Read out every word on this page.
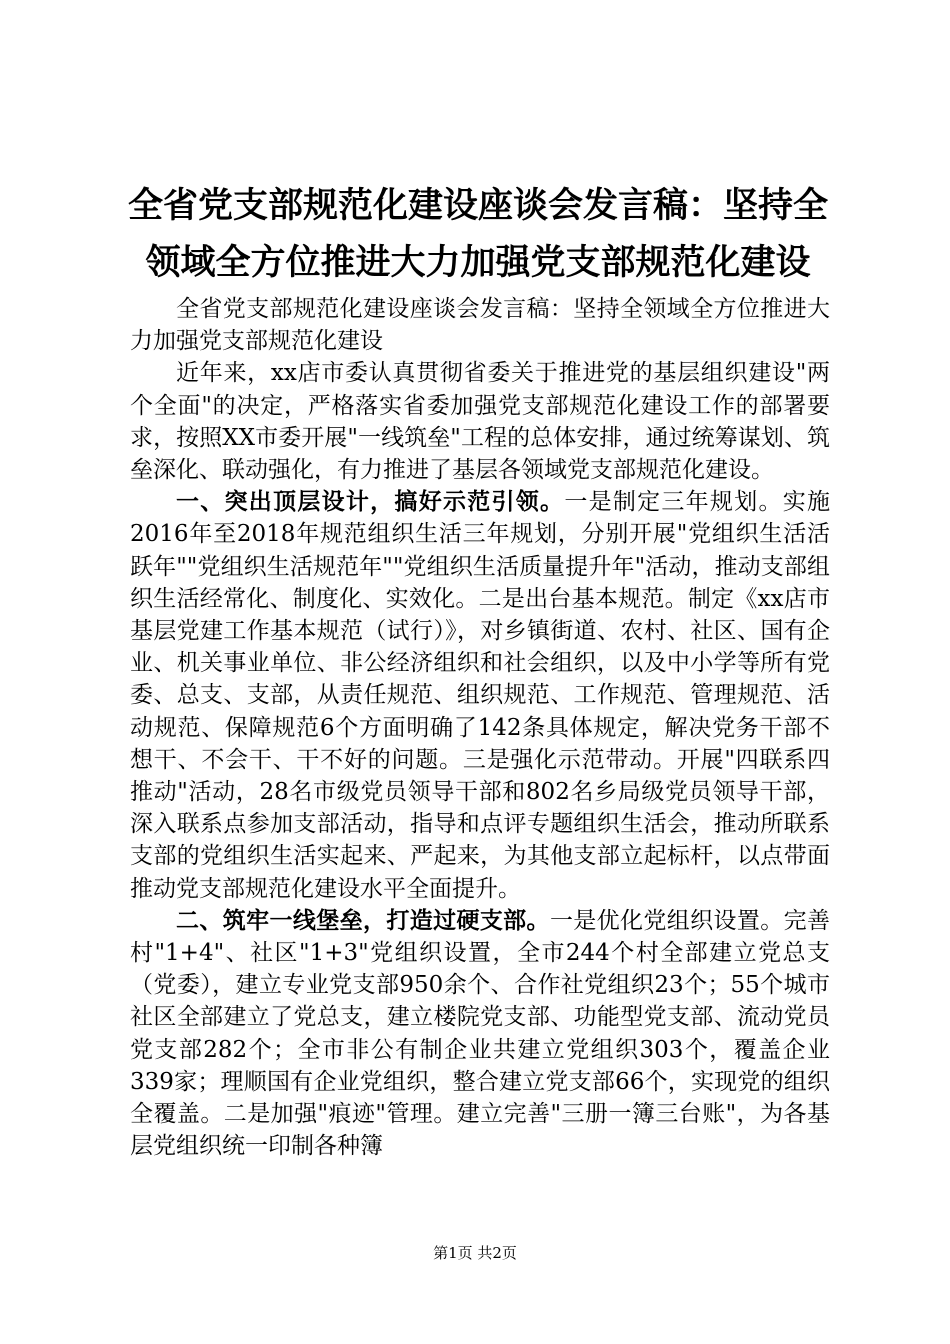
全省党支部规范化建设座谈会发言稿：坚持全领域全方位推进大力加强党支部规范化建设

全省党支部规范化建设座谈会发言稿：坚持全领域全方位推进大力加强党支部规范化建设

近年来，xx店市委认真贯彻省委关于推进党的基层组织建设"两个全面"的决定，严格落实省委加强党支部规范化建设工作的部署要求，按照XX市委开展"一线筑垒"工程的总体安排，通过统筹谋划、筑垒深化、联动强化，有力推进了基层各领域党支部规范化建设。

一、突出顶层设计，搞好示范引领。一是制定三年规划。实施2016年至2018年规范组织生活三年规划，分别开展"党组织生活活跃年""党组织生活规范年""党组织生活质量提升年"活动，推动支部组织生活经常化、制度化、实效化。二是出台基本规范。制定《xx店市基层党建工作基本规范（试行）》，对乡镇街道、农村、社区、国有企业、机关事业单位、非公经济组织和社会组织，以及中小学等所有党委、总支、支部，从责任规范、组织规范、工作规范、管理规范、活动规范、保障规范6个方面明确了142条具体规定，解决党务干部不想干、不会干、干不好的问题。三是强化示范带动。开展"四联系四推动"活动，28名市级党员领导干部和802名乡局级党员领导干部，深入联系点参加支部活动，指导和点评专题组织生活会，推动所联系支部的党组织生活实起来、严起来，为其他支部立起标杆，以点带面推动党支部规范化建设水平全面提升。

二、筑牢一线堡垒，打造过硬支部。一是优化党组织设置。完善村"1+4"、社区"1+3"党组织设置，全市244个村全部建立党总支（党委），建立专业党支部950余个、合作社党组织23个；55个城市社区全部建立了党总支，建立楼院党支部、功能型党支部、流动党员党支部282个；全市非公有制企业共建立党组织303个，覆盖企业339家；理顺国有企业党组织，整合建立党支部66个，实现党的组织全覆盖。二是加强"痕迹"管理。建立完善"三册一簿三台账"，为各基层党组织统一印制各种簿

第1页 共2页
